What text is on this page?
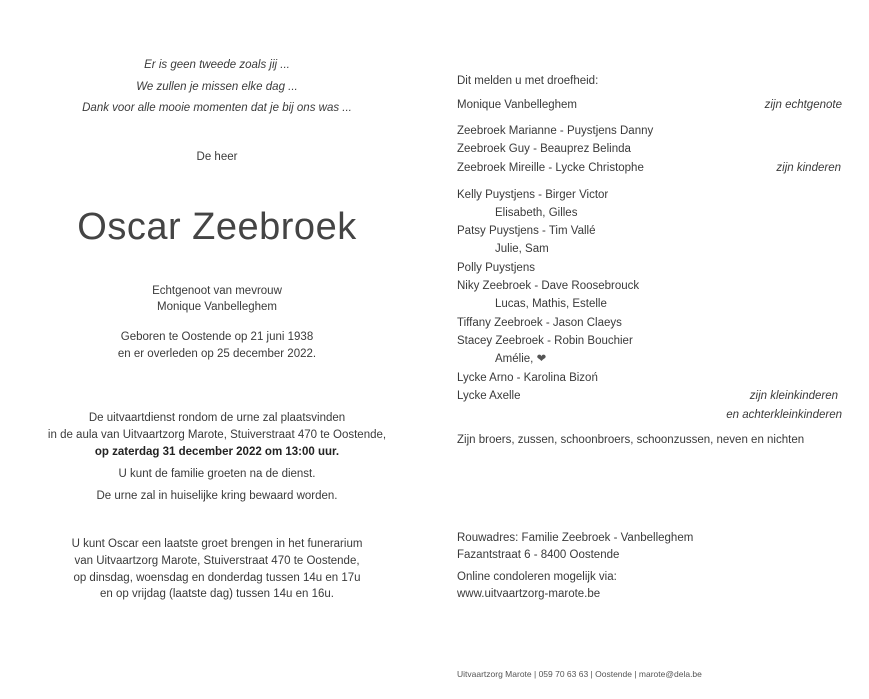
Er is geen tweede zoals jij ...
We zullen je missen elke dag ...
Dank voor alle mooie momenten dat je bij ons was ...
De heer
Oscar Zeebroek
Echtgenoot van mevrouw
Monique Vanbelleghem
Geboren te Oostende op 21 juni 1938
en er overleden op 25 december 2022.
De uitvaartdienst rondom de urne zal plaatsvinden
in de aula van Uitvaartzorg Marote, Stuiverstraat 470 te Oostende,
op zaterdag 31 december 2022 om 13:00 uur.
U kunt de familie groeten na de dienst.
De urne zal in huiselijke kring bewaard worden.
U kunt Oscar een laatste groet brengen in het funerarium
van Uitvaartzorg Marote, Stuiverstraat 470 te Oostende,
op dinsdag, woensdag en donderdag tussen 14u en 17u
en op vrijdag (laatste dag) tussen 14u en 16u.
Dit melden u met droefheid:
Monique Vanbelleghem	zijn echtgenote
Zeebroek Marianne - Puystjens Danny
Zeebroek Guy - Beauprez Belinda
Zeebroek Mireille - Lycke Christophe	zijn kinderen
Kelly Puystjens - Birger Victor
Elisabeth, Gilles
Patsy Puystjens - Tim Vallé
Julie, Sam
Polly Puystjens
Niky Zeebroek - Dave Roosebrouck
Lucas, Mathis, Estelle
Tiffany Zeebroek - Jason Claeys
Stacey Zeebroek - Robin Bouchier
Amélie, ❤
Lycke Arno - Karolina Bizoń
Lycke Axelle	zijn kleinkinderen
en achterkleinkinderen
Zijn broers, zussen, schoonbroers, schoonzussen, neven en nichten
Rouwadres: Familie Zeebroek - Vanbelleghem
Fazantstraat 6 - 8400 Oostende
Online condoleren mogelijk via:
www.uitvaartzorg-marote.be
Uitvaartzorg Marote | 059 70 63 63 | Oostende | marote@dela.be
